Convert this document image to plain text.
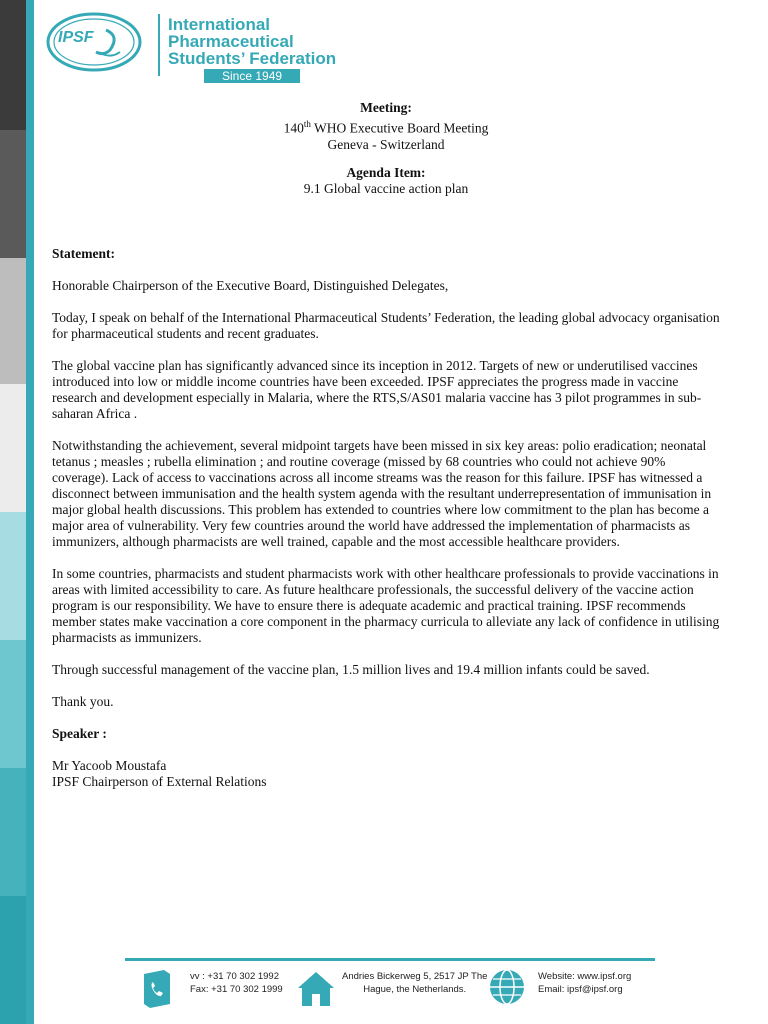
IPSF
International
Pharmaceutical
Students’ Federation
Since 1949
Meeting:
140th WHO Executive Board Meeting
Geneva - Switzerland
Agenda Item:
9.1 Global vaccine action plan

Statement:

Honorable Chairperson of the Executive Board, Distinguished Delegates,

Today, I speak on behalf of the International Pharmaceutical Students’ Federation, the leading global advocacy organisation for pharmaceutical students and recent graduates.

The global vaccine plan has significantly advanced since its inception in 2012. Targets of new or underutilised vaccines introduced into low or middle income countries have been exceeded. IPSF appreciates the progress made in vaccine research and development especially in Malaria, where the RTS,S/AS01 malaria vaccine has 3 pilot programmes in sub-saharan Africa .

Notwithstanding the achievement, several midpoint targets have been missed in six key areas: polio eradication; neonatal tetanus ; measles ; rubella elimination ; and routine coverage (missed by 68 countries who could not achieve 90% coverage). Lack of access to vaccinations across all income streams was the reason for this failure. IPSF has witnessed a disconnect between immunisation and the health system agenda with the resultant underrepresentation of immunisation in major global health discussions. This problem has extended to countries where low commitment to the plan has become a major area of vulnerability. Very few countries around the world have addressed the implementation of pharmacists as immunizers, although pharmacists are well trained, capable and the most accessible healthcare providers.

In some countries, pharmacists and student pharmacists work with other healthcare professionals to provide vaccinations in areas with limited accessibility to care. As future healthcare professionals, the successful delivery of the vaccine action program is our responsibility. We have to ensure there is adequate academic and practical training. IPSF recommends member states make vaccination a core component in the pharmacy curricula to alleviate any lack of confidence in utilising pharmacists as immunizers.

Through successful management of the vaccine plan, 1.5 million lives and 19.4 million infants could be saved.

Thank you.

Speaker :

Mr Yacoob Moustafa

IPSF Chairperson of External Relations

vv : +31 70 302 1992
Fax: +31 70 302 1999
Andries Bickerweg 5, 2517 JP The
Hague, the Netherlands.
Website: www.ipsf.org
Email: ipsf@ipsf.org
